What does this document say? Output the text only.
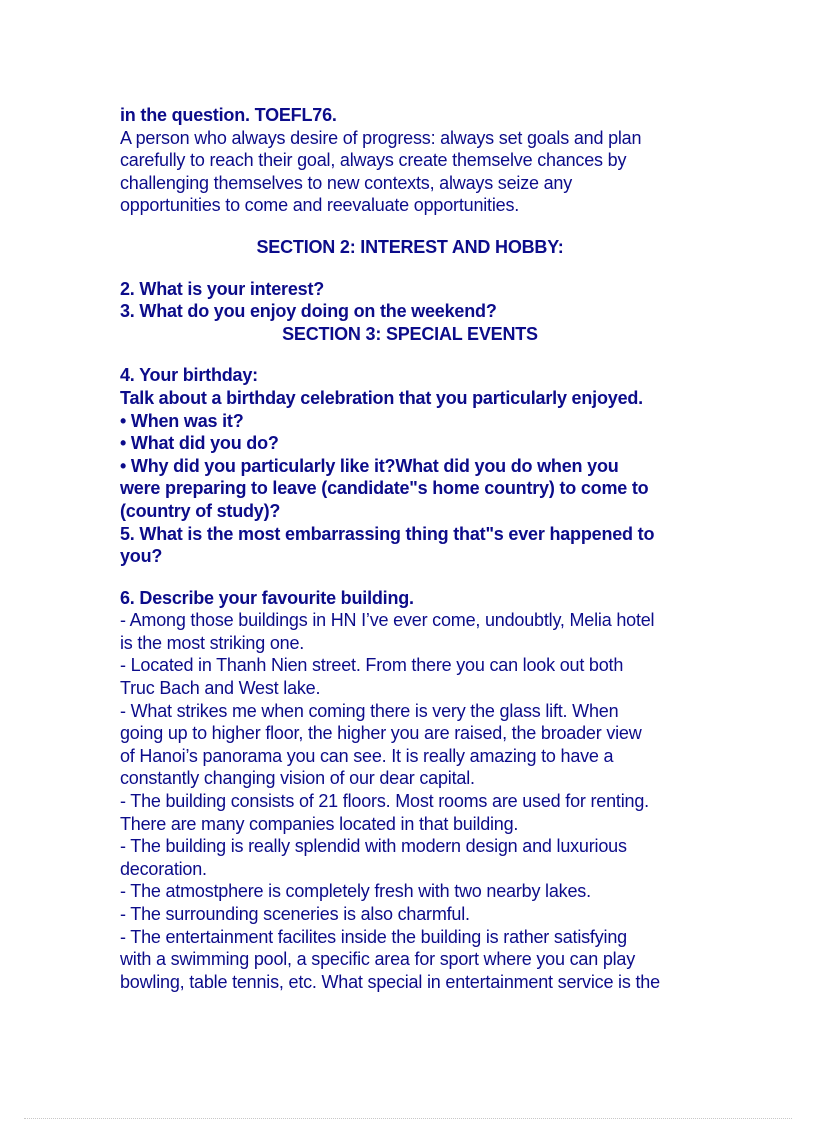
in the question. TOEFL76.

A person who always desire of progress: always set goals and plan

carefully to reach their goal, always create themselve chances by

challenging themselves to new contexts, always seize any

opportunities to come and reevaluate opportunities.

SECTION 2: INTEREST AND HOBBY:

2. What is your interest?

3. What do you enjoy doing on the weekend?

SECTION 3: SPECIAL EVENTS

4. Your birthday:

Talk about a birthday celebration that you particularly enjoyed.

• When was it?

• What did you do?

• Why did you particularly like it?What did you do when you

were preparing to leave (candidate"s home country) to come to

(country of study)?

5. What is the most embarrassing thing that"s ever happened to

you?

6. Describe your favourite building.

- Among those buildings in HN I’ve ever come, undoubtly, Melia hotel

is the most striking one.

- Located in Thanh Nien street. From there you can look out both

Truc Bach and West lake.

- What strikes me when coming there is very the glass lift. When

going up to higher floor, the higher you are raised, the broader view

of Hanoi’s panorama you can see. It is really amazing to have a

constantly changing vision of our dear capital.

- The building consists of 21 floors. Most rooms are used for renting.

There are many companies located in that building.

- The building is really splendid with modern design and luxurious

decoration.

- The atmostphere is completely fresh with two nearby lakes.

- The surrounding sceneries is also charmful.

- The entertainment facilites inside the building is rather satisfying

with a swimming pool, a specific area for sport where you can play

bowling, table tennis, etc. What special in entertainment service is the
